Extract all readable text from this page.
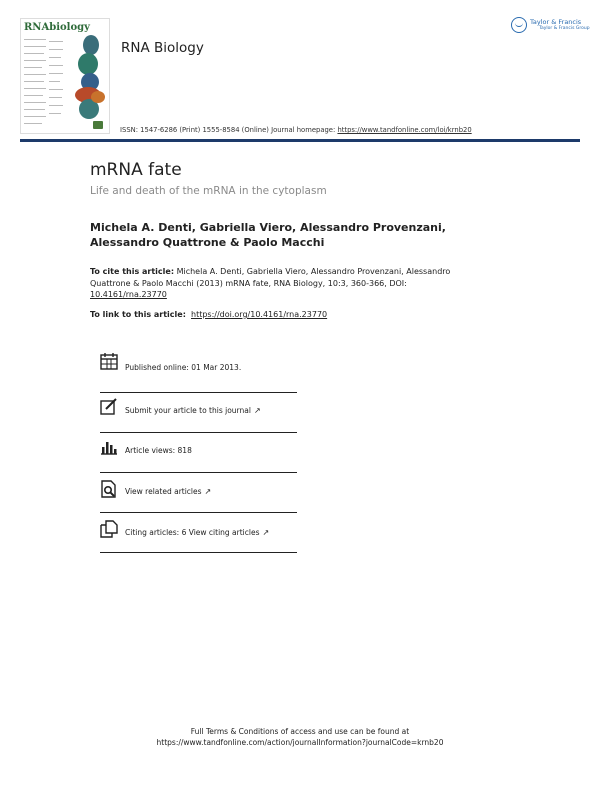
RNAbiology
RNA Biology
ISSN: 1547-6286 (Print) 1555-8584 (Online) Journal homepage: https://www.tandfonline.com/loi/krnb20
Taylor & Francis
Taylor & Francis Group
mRNA fate
Life and death of the mRNA in the cytoplasm
Michela A. Denti, Gabriella Viero, Alessandro Provenzani, Alessandro Quattrone & Paolo Macchi
To cite this article: Michela A. Denti, Gabriella Viero, Alessandro Provenzani, Alessandro Quattrone & Paolo Macchi (2013) mRNA fate, RNA Biology, 10:3, 360-366, DOI: 10.4161/rna.23770
To link to this article: https://doi.org/10.4161/rna.23770
Published online: 01 Mar 2013.
Submit your article to this journal ↗
Article views: 818
View related articles ↗
Citing articles: 6 View citing articles ↗
Full Terms & Conditions of access and use can be found at
https://www.tandfonline.com/action/journalInformation?journalCode=krnb20
